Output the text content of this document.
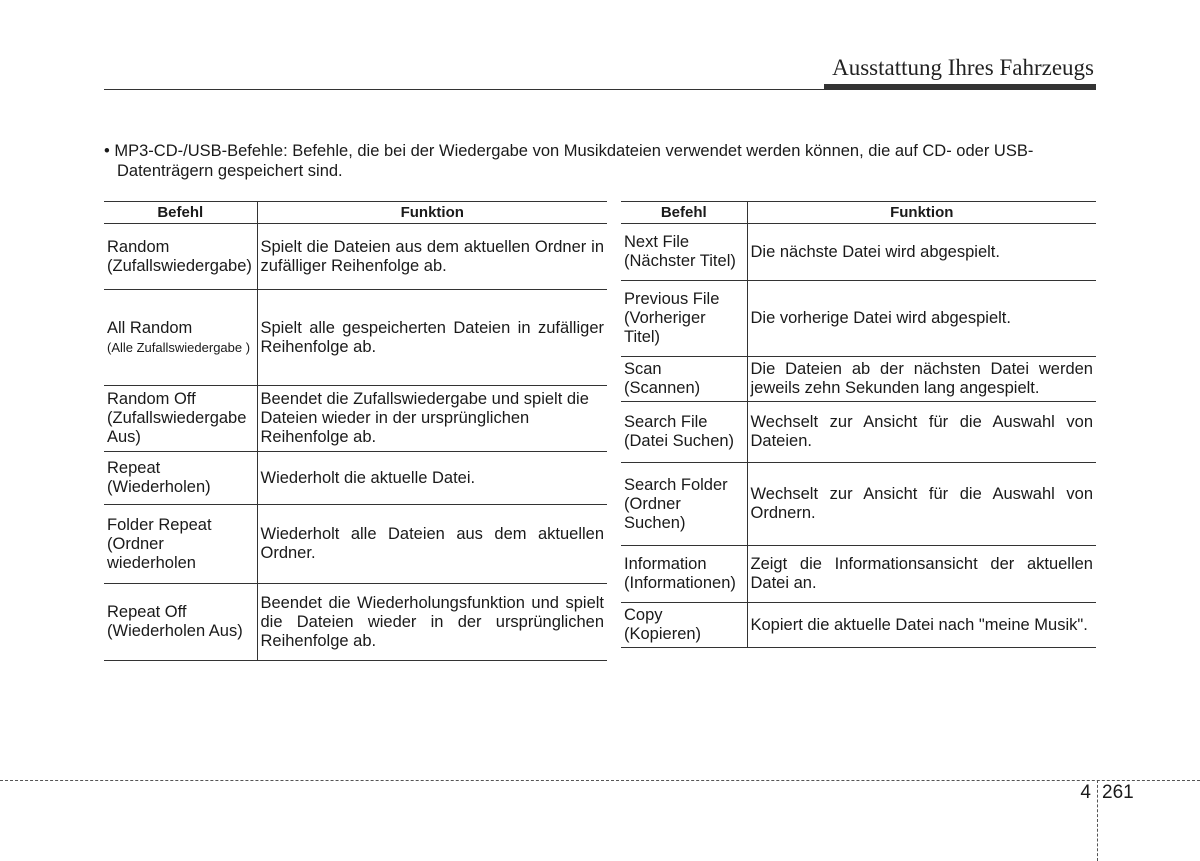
Ausstattung Ihres Fahrzeugs
• MP3-CD-/USB-Befehle: Befehle, die bei der Wiedergabe von Musikdateien verwendet werden können, die auf CD- oder USB-Datenträgern gespeichert sind.
Befehl	Funktion
Random
(Zufallswiedergabe)	Spielt die Dateien aus dem aktuellen Ordner in zufälliger Reihenfolge ab.
All Random
(Alle Zufallswiedergabe )	Spielt alle gespeicherten Dateien in zufälliger Reihenfolge ab.
Random Off
(Zufallswiedergabe Aus)	Beendet die Zufallswiedergabe und spielt die Dateien wieder in der ursprünglichen Reihenfolge ab.
Repeat
(Wiederholen)	Wiederholt die aktuelle Datei.
Folder Repeat
(Ordner wiederholen	Wiederholt alle Dateien aus dem aktuellen Ordner.
Repeat Off
(Wiederholen Aus)	Beendet die Wiederholungsfunktion und spielt die Dateien wieder in der ursprünglichen Reihenfolge ab.
Befehl	Funktion
Next File
(Nächster Titel)	Die nächste Datei wird abgespielt.
Previous File
(Vorheriger Titel)	Die vorherige Datei wird abgespielt.
Scan
(Scannen)	Die Dateien ab der nächsten Datei werden jeweils zehn Sekunden lang angespielt.
Search File
(Datei Suchen)	Wechselt zur Ansicht für die Auswahl von Dateien.
Search Folder
(Ordner Suchen)	Wechselt zur Ansicht für die Auswahl von Ordnern.
Information
(Informationen)	Zeigt die Informationsansicht der aktuellen Datei an.
Copy
(Kopieren)	Kopiert die aktuelle Datei nach "meine Musik".
4 261
